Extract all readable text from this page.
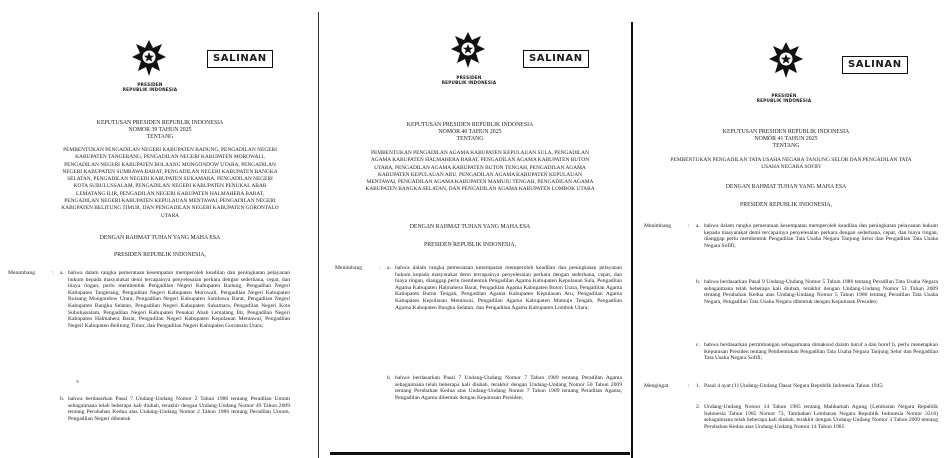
SALINAN
PRESIDEN
REPUBLIK INDONESIA
KEPUTUSAN PRESIDEN REPUBLIK INDONESIA
NOMOR 39 TAHUN 2025
TENTANG
PEMBENTUKAN PENGADILAN NEGERI KABUPATEN BADUNG, PENGADILAN NEGERI KABUPATEN TANGERANG, PENGADILAN NEGERI KABUPATEN MOROWALI, PENGADILAN NEGERI KABUPATEN BOLAANG MONGONDOW UTARA, PENGADILAN NEGERI KABUPATEN SUMBAWA BARAT, PENGADILAN NEGERI KABUPATEN BANGKA SELATAN, PENGADILAN NEGERI KABUPATEN SUKAMARA, PENGADILAN NEGERI KOTA SUBULUSSALAM, PENGADILAN NEGERI KABUPATEN PENUKAL ABAB LEMATANG ILIR, PENGADILAN NEGERI KABUPATEN HALMAHERA BARAT, PENGADILAN NEGERI KABUPATEN KEPULAUAN MENTAWAI, PENGADILAN NEGERI KABUPATEN BELITUNG TIMUR, DAN PENGADILAN NEGERI KABUPATEN GORONTALO UTARA
DENGAN RAHMAT TUHAN YANG MAHA ESA
PRESIDEN REPUBLIK INDONESIA,
Menimbang	:	a. bahwa dalam rangka pemerataan kesempatan memperoleh keadilan dan peningkatan pelayanan hukum kepada masyarakat demi tercapainya penyelesaian perkara dengan sederhana, cepat, dan biaya ringan, perlu membentuk Pengadilan Negeri Kabupaten Badung, Pengadilan Negeri Kabupaten Tangerang, Pengadilan Negeri Kabupaten Morowali, Pengadilan Negeri Kabupaten Bolaang Mongondow Utara, Pengadilan Negeri Kabupaten Sumbawa Barat, Pengadilan Negeri Kabupaten Bangka Selatan, Pengadilan Negeri Kabupaten Sukamara, Pengadilan Negeri Kota Subulussalam, Pengadilan Negeri Kabupaten Penukal Abab Lematang Ilir, Pengadilan Negeri Kabupaten Halmahera Barat, Pengadilan Negeri Kabupaten Kepulauan Mentawai, Pengadilan Negeri Kabupaten Belitung Timur, dan Pengadilan Negeri Kabupaten Gorontalo Utara;
b. bahwa berdasarkan Pasal 7 Undang-Undang Nomor 2 Tahun 1986 tentang Peradilan Umum sebagaimana telah beberapa kali diubah, terakhir dengan Undang-Undang Nomor 49 Tahun 2009 tentang Perubahan Kedua atas Undang-Undang Nomor 2 Tahun 1986 tentang Peradilan Umum, Pengadilan Negeri dibentuk
SALINAN
PRESIDEN
REPUBLIK INDONESIA
KEPUTUSAN PRESIDEN REPUBLIK INDONESIA
NOMOR 40 TAHUN 2025
TENTANG
PEMBENTUKAN PENGADILAN AGAMA KABUPATEN KEPULAUAN SULA, PENGADILAN AGAMA KABUPATEN HALMAHERA BARAT, PENGADILAN AGAMA KABUPATEN BUTON UTARA, PENGADILAN AGAMA KABUPATEN BUTON TENGAH, PENGADILAN AGAMA KABUPATEN KEPULAUAN ARU, PENGADILAN AGAMA KABUPATEN KEPULAUAN MENTAWAI, PENGADILAN AGAMA KABUPATEN MAMUJU TENGAH, PENGADILAN AGAMA KABUPATEN BANGKA SELATAN, DAN PENGADILAN AGAMA KABUPATEN LOMBOK UTARA
DENGAN RAHMAT TUHAN YANG MAHA ESA
PRESIDEN REPUBLIK INDONESIA,
Menimbang	:	a. bahwa dalam rangka pemerataan kesempatan memperoleh keadilan dan peningkatan pelayanan hukum kepada masyarakat demi tercapainya penyelesaian perkara dengan sederhana, cepat, dan biaya ringan, dianggap perlu membentuk Pengadilan Agama Kabupaten Kepulauan Sula, Pengadilan Agama Kabupaten Halmahera Barat, Pengadilan Agama Kabupaten Buton Utara, Pengadilan Agama Kabupaten Buton Tengah, Pengadilan Agama Kabupaten Kepulauan Aru, Pengadilan Agama Kabupaten Kepulauan Mentawai, Pengadilan Agama Kabupaten Mamuju Tengah, Pengadilan Agama Kabupaten Bangka Selatan, dan Pengadilan Agama Kabupaten Lombok Utara;
b. bahwa berdasarkan Pasal 7 Undang-Undang Nomor 7 Tahun 1989 tentang Peradilan Agama sebagaimana telah beberapa kali diubah, terakhir dengan Undang-Undang Nomor 50 Tahun 2009 tentang Perubahan Kedua atas Undang-Undang Nomor 7 Tahun 1989 tentang Peradilan Agama, Pengadilan Agama dibentuk dengan Keputusan Presiden;
SALINAN
PRESIDEN
REPUBLIK INDONESIA
KEPUTUSAN PRESIDEN REPUBLIK INDONESIA
NOMOR 41 TAHUN 2025
TENTANG
PEMBENTUKAN PENGADILAN TATA USAHA NEGARA TANJUNG SELOR DAN PENGADILAN TATA USAHA NEGARA SOFIFI
DENGAN RAHMAT TUHAN YANG MAHA ESA
PRESIDEN REPUBLIK INDONESIA,
Menimbang	:	a. bahwa dalam rangka pemerataan kesempatan memperoleh keadilan dan peningkatan pelayanan hukum kepada masyarakat demi tercapainya penyelesaian perkara dengan sederhana, cepat, dan biaya ringan, dianggap perlu membentuk Pengadilan Tata Usaha Negara Tanjung Selor dan Pengadilan Tata Usaha Negara Sofifi;
b. bahwa berdasarkan Pasal 9 Undang-Undang Nomor 5 Tahun 1986 tentang Peradilan Tata Usaha Negara sebagaimana telah beberapa kali diubah, terakhir dengan Undang-Undang Nomor 51 Tahun 2009 tentang Perubahan Kedua atas Undang-Undang Nomor 5 Tahun 1986 tentang Peradilan Tata Usaha Negara, Pengadilan Tata Usaha Negara dibentuk dengan Keputusan Presiden;
c. bahwa berdasarkan pertimbangan sebagaimana dimaksud dalam huruf a dan huruf b, perlu menetapkan Keputusan Presiden tentang Pembentukan Pengadilan Tata Usaha Negara Tanjung Selor dan Pengadilan Tata Usaha Negara Sofifi;
Mengingat	:	1. Pasal 4 ayat (1) Undang-Undang Dasar Negara Republik Indonesia Tahun 1945;
2. Undang-Undang Nomor 14 Tahun 1985 tentang Mahkamah Agung (Lembaran Negara Republik Indonesia Tahun 1985 Nomor 73, Tambahan Lembaran Negara Republik Indonesia Nomor 3316) sebagaimana telah beberapa kali diubah, terakhir dengan Undang-Undang Nomor 3 Tahun 2009 tentang Perubahan Kedua atas Undang-Undang Nomor 14 Tahun 1985
